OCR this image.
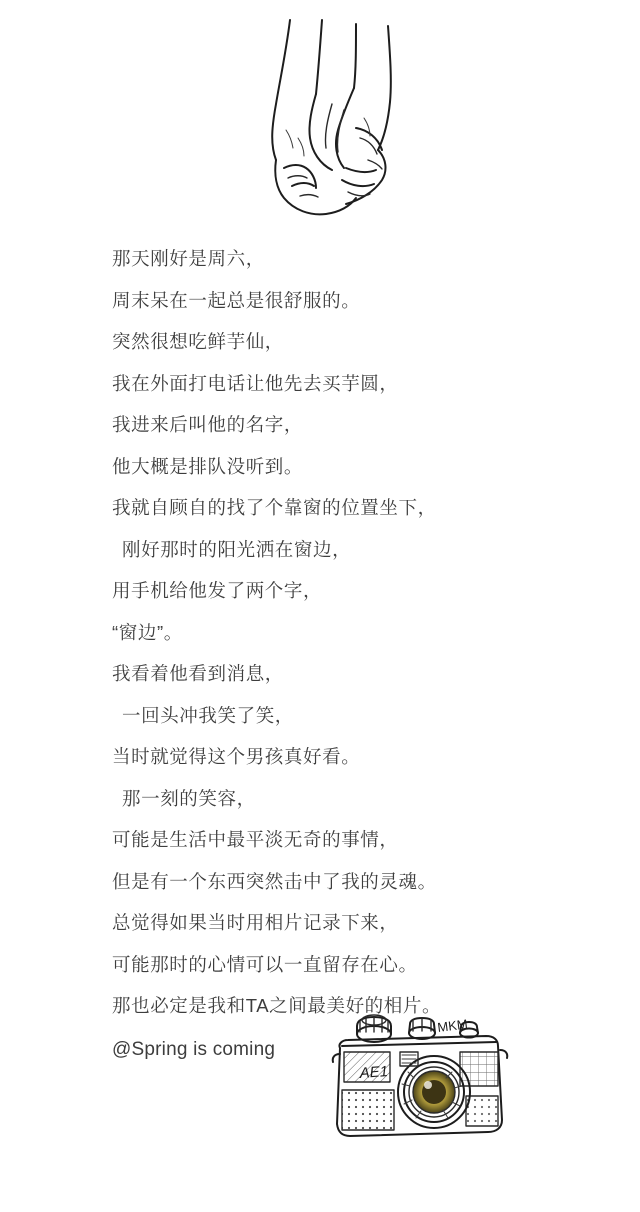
那天刚好是周六，
周末呆在一起总是很舒服的。
突然很想吃鲜芋仙，
我在外面打电话让他先去买芋圆，
我进来后叫他的名字，
他大概是排队没听到。
我就自顾自的找了个靠窗的位置坐下，
刚好那时的阳光洒在窗边，
用手机给他发了两个字，
“窗边”。
我看着他看到消息，
一回头冲我笑了笑，
当时就觉得这个男孩真好看。
那一刻的笑容，
可能是生活中最平淡无奇的事情，
但是有一个东西突然击中了我的灵魂。
总觉得如果当时用相片记录下来，
可能那时的心情可以一直留存在心。
那也必定是我和TA之间最美好的相片。
@Spring is coming
AE1
MKM
